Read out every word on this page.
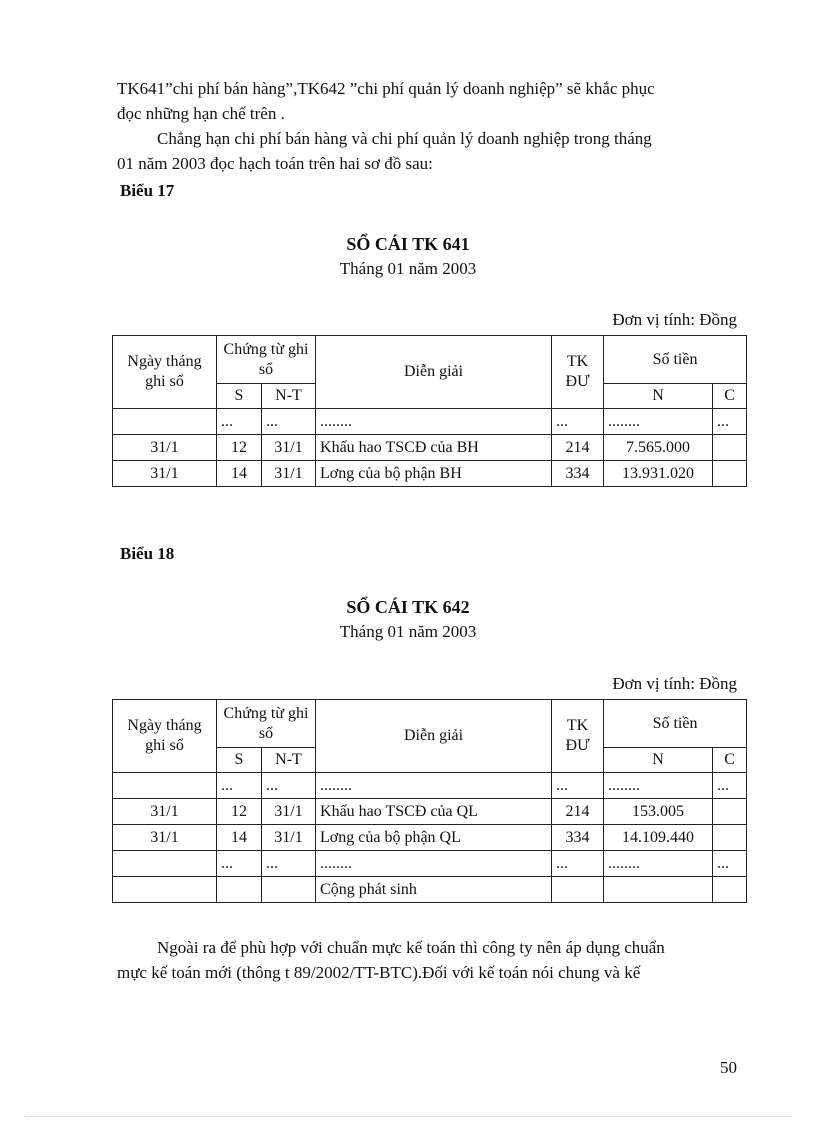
TK641”chi phí bán hàng”,TK642 ”chi phí quản lý doanh nghiệp” sẽ khắc phục
đọc những hạn chế trên .
Chẳng hạn chi phí bán hàng và chi phí quản lý doanh nghiệp trong tháng
01 năm 2003 đọc hạch toán trên hai sơ đồ sau:

Biểu 17

SỔ CÁI TK 641

Tháng 01 năm 2003

Đơn vị tính: Đồng

Ngày tháng ghi sổ	Chứng từ ghi sổ		Diễn giải	TK ĐƯ	Số tiền	
	S	N-T			N	C
	...	...	........	...	........	...
31/1	12	31/1	Khấu hao TSCĐ của BH	214	7.565.000	
31/1	14	31/1	Lơng của bộ phận BH	334	13.931.020	

Biểu 18

SỔ CÁI TK 642

Tháng 01 năm 2003

Đơn vị tính: Đồng

Ngày tháng ghi sổ	Chứng từ ghi sổ		Diễn giải	TK ĐƯ	Số tiền	
	S	N-T			N	C
	...	...	........	...	........	...
31/1	12	31/1	Khấu hao TSCĐ của QL	214	153.005	
31/1	14	31/1	Lơng của bộ phận QL	334	14.109.440	
	...	...	........	...	........	...
			Cộng phát sinh			

Ngoài ra để phù hợp với chuẩn mực kế toán thì công ty nên áp dụng chuẩn
mực kế toán mới (thông t 89/2002/TT-BTC).Đối với kế toán nói chung và kế

50
